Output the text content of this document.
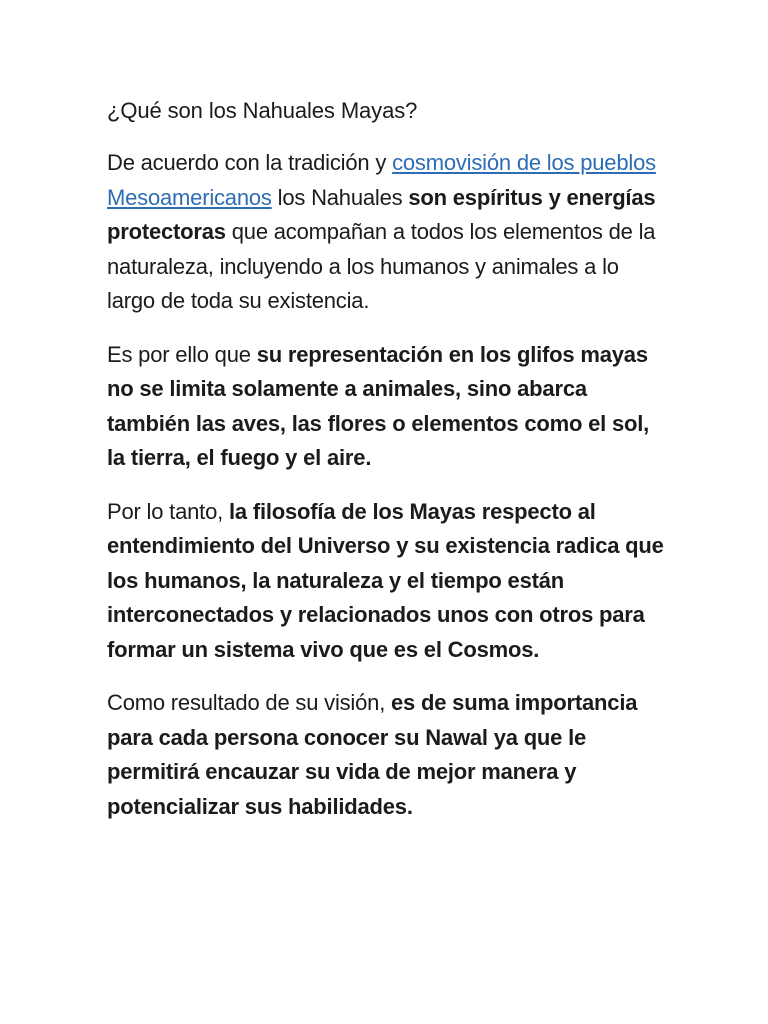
¿Qué son los Nahuales Mayas?

De acuerdo con la tradición y cosmovisión de los pueblos Mesoamericanos los Nahuales son espíritus y energías protectoras que acompañan a todos los elementos de la naturaleza, incluyendo a los humanos y animales a lo largo de toda su existencia.

Es por ello que su representación en los glifos mayas no se limita solamente a animales, sino abarca también las aves, las flores o elementos como el sol, la tierra, el fuego y el aire.

Por lo tanto, la filosofía de los Mayas respecto al entendimiento del Universo y su existencia radica que los humanos, la naturaleza y el tiempo están interconectados y relacionados unos con otros para formar un sistema vivo que es el Cosmos.

Como resultado de su visión, es de suma importancia para cada persona conocer su Nawal ya que le permitirá encauzar su vida de mejor manera y potencializar sus habilidades.
